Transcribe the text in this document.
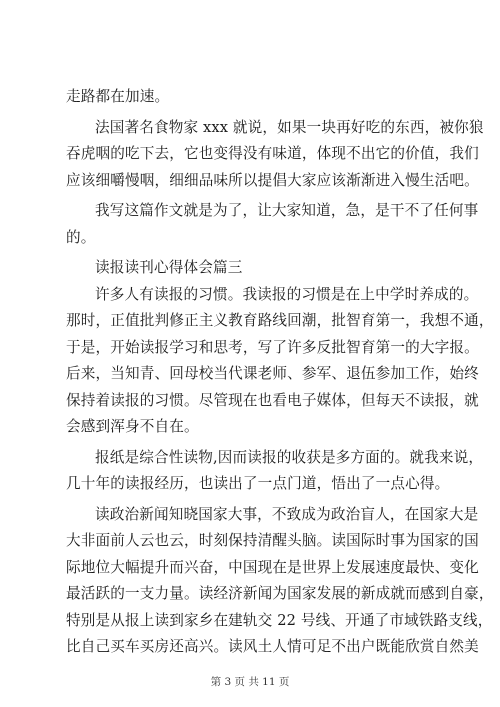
走路都在加速。
法国著名食物家 xxx 就说，如果一块再好吃的东西，被你狼
吞虎咽的吃下去，它也变得没有味道，体现不出它的价值，我们
应该细嚼慢咽，细细品味所以提倡大家应该渐渐进入慢生活吧。
我写这篇作文就是为了，让大家知道，急，是干不了任何事
的。
读报读刊心得体会篇三
许多人有读报的习惯。我读报的习惯是在上中学时养成的。
那时，正值批判修正主义教育路线回潮，批智育第一，我想不通，
于是，开始读报学习和思考，写了许多反批智育第一的大字报。
后来，当知青、回母校当代课老师、参军、退伍参加工作，始终
保持着读报的习惯。尽管现在也看电子媒体，但每天不读报，就
会感到浑身不自在。
报纸是综合性读物,因而读报的收获是多方面的。就我来说，
几十年的读报经历，也读出了一点门道，悟出了一点心得。
读政治新闻知晓国家大事，不致成为政治盲人，在国家大是
大非面前人云也云，时刻保持清醒头脑。读国际时事为国家的国
际地位大幅提升而兴奋，中国现在是世界上发展速度最快、变化
最活跃的一支力量。读经济新闻为国家发展的新成就而感到自豪，
特别是从报上读到家乡在建轨交 22 号线、开通了市域铁路支线，
比自己买车买房还高兴。读风土人情可足不出户既能欣赏自然美
第 3 页 共 11 页
